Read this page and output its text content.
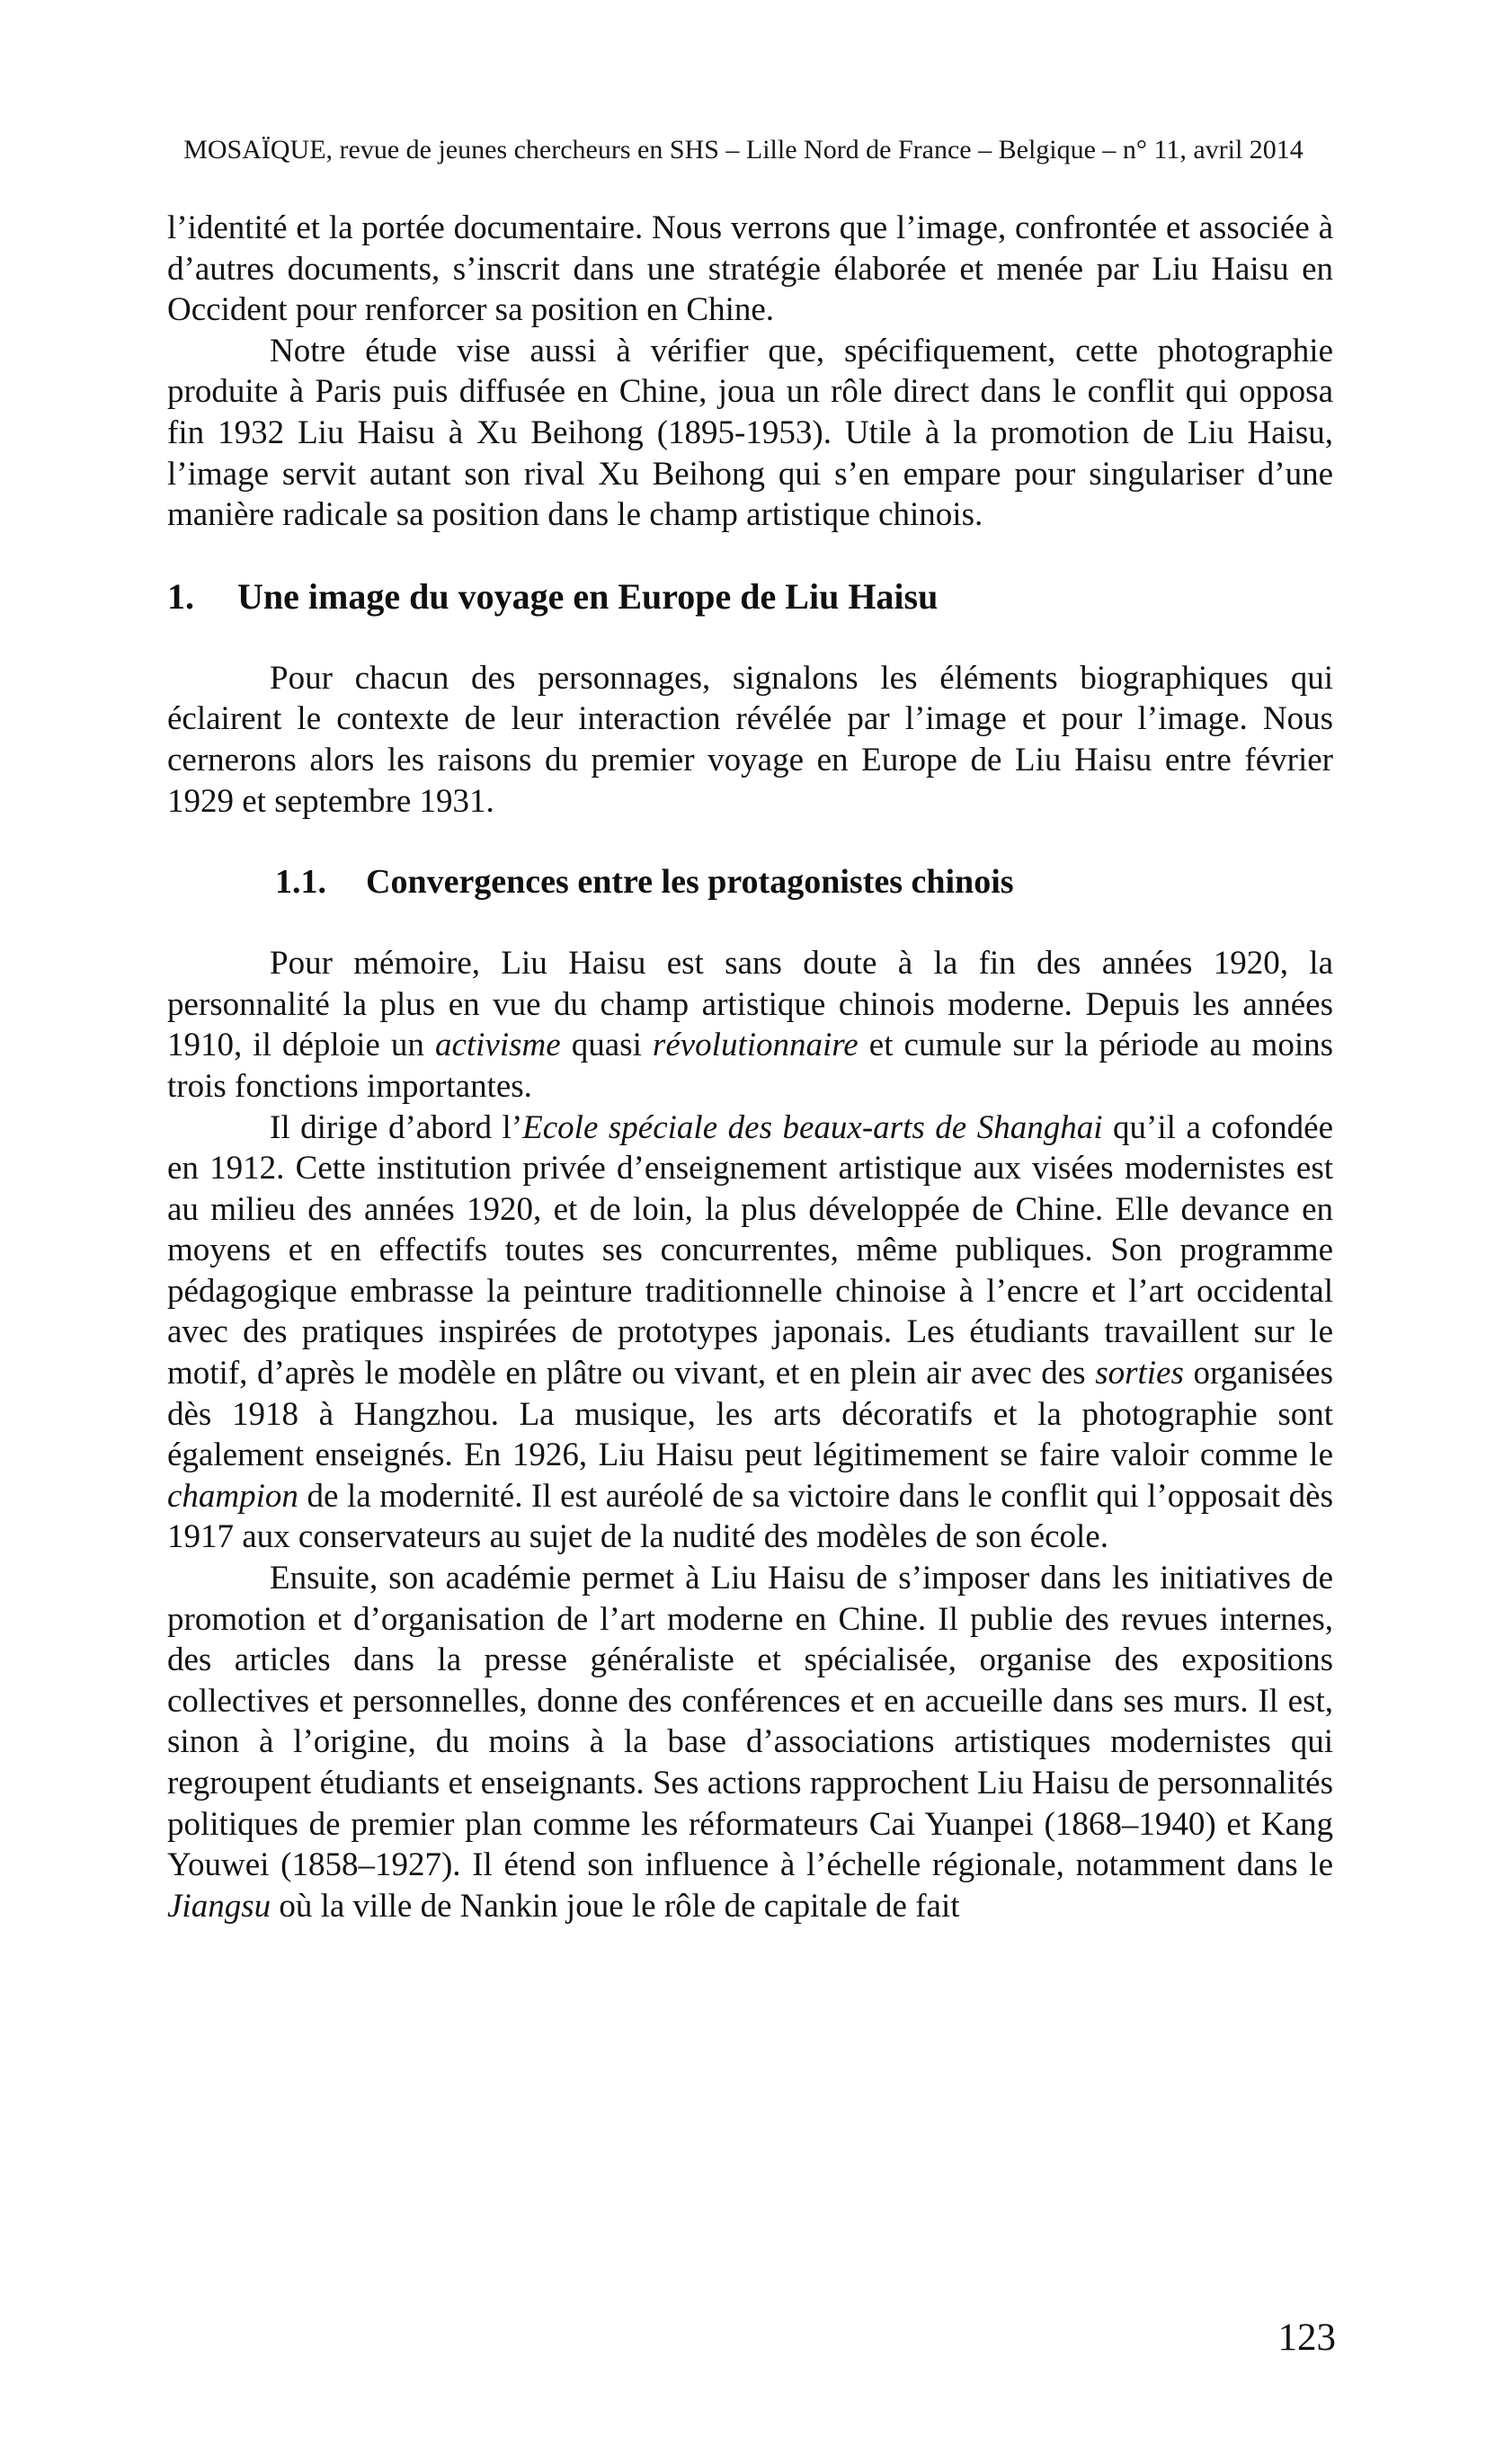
MOSAÏQUE, revue de jeunes chercheurs en SHS – Lille Nord de France – Belgique – n° 11, avril 2014

l’identité et la portée documentaire. Nous verrons que l’image, confrontée et associée à d’autres documents, s’inscrit dans une stratégie élaborée et menée par Liu Haisu en Occident pour renforcer sa position en Chine.

Notre étude vise aussi à vérifier que, spécifiquement, cette photographie produite à Paris puis diffusée en Chine, joua un rôle direct dans le conflit qui opposa fin 1932 Liu Haisu à Xu Beihong (1895-1953). Utile à la promotion de Liu Haisu, l’image servit autant son rival Xu Beihong qui s’en empare pour singulariser d’une manière radicale sa position dans le champ artistique chinois.

1. Une image du voyage en Europe de Liu Haisu

Pour chacun des personnages, signalons les éléments biographiques qui éclairent le contexte de leur interaction révélée par l’image et pour l’image. Nous cernerons alors les raisons du premier voyage en Europe de Liu Haisu entre février 1929 et septembre 1931.

1.1. Convergences entre les protagonistes chinois

Pour mémoire, Liu Haisu est sans doute à la fin des années 1920, la personnalité la plus en vue du champ artistique chinois moderne. Depuis les années 1910, il déploie un activisme quasi révolutionnaire et cumule sur la période au moins trois fonctions importantes.

Il dirige d’abord l’Ecole spéciale des beaux-arts de Shanghai qu’il a cofondée en 1912. Cette institution privée d’enseignement artistique aux visées modernistes est au milieu des années 1920, et de loin, la plus développée de Chine. Elle devance en moyens et en effectifs toutes ses concurrentes, même publiques. Son programme pédagogique embrasse la peinture traditionnelle chinoise à l’encre et l’art occidental avec des pratiques inspirées de prototypes japonais. Les étudiants travaillent sur le motif, d’après le modèle en plâtre ou vivant, et en plein air avec des sorties organisées dès 1918 à Hangzhou. La musique, les arts décoratifs et la photographie sont également enseignés. En 1926, Liu Haisu peut légitimement se faire valoir comme le champion de la modernité. Il est auréolé de sa victoire dans le conflit qui l’opposait dès 1917 aux conservateurs au sujet de la nudité des modèles de son école.

Ensuite, son académie permet à Liu Haisu de s’imposer dans les initiatives de promotion et d’organisation de l’art moderne en Chine. Il publie des revues internes, des articles dans la presse généraliste et spécialisée, organise des expositions collectives et personnelles, donne des conférences et en accueille dans ses murs. Il est, sinon à l’origine, du moins à la base d’associations artistiques modernistes qui regroupent étudiants et enseignants. Ses actions rapprochent Liu Haisu de personnalités politiques de premier plan comme les réformateurs Cai Yuanpei (1868–1940) et Kang Youwei (1858–1927). Il étend son influence à l’échelle régionale, notamment dans le Jiangsu où la ville de Nankin joue le rôle de capitale de fait

123
